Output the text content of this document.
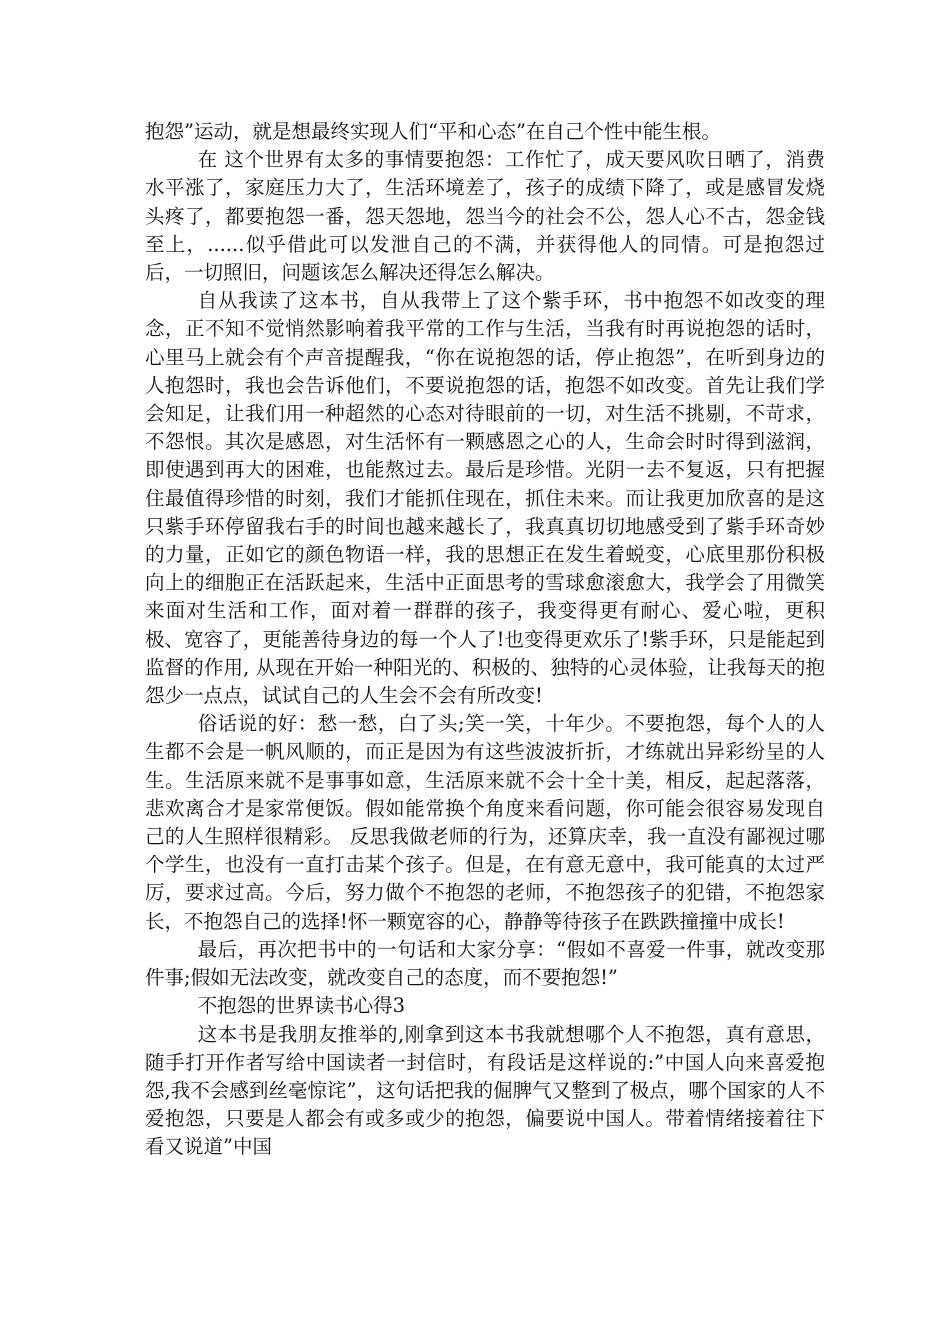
抱怨”运动，就是想最终实现人们“平和心态”在自己个性中能生根。

在 这个世界有太多的事情要抱怨：工作忙了，成天要风吹日晒了，消费水平涨了，家庭压力大了，生活环境差了，孩子的成绩下降了，或是感冒发烧头疼了，都要抱怨一番，怨天怨地，怨当今的社会不公，怨人心不古，怨金钱至上，......似乎借此可以发泄自己的不满，并获得他人的同情。可是抱怨过后，一切照旧，问题该怎么解决还得怎么解决。

自从我读了这本书，自从我带上了这个紫手环，书中抱怨不如改变的理念，正不知不觉悄然影响着我平常的工作与生活，当我有时再说抱怨的话时，心里马上就会有个声音提醒我，“你在说抱怨的话，停止抱怨”，在听到身边的人抱怨时，我也会告诉他们，不要说抱怨的话，抱怨不如改变。首先让我们学会知足，让我们用一种超然的心态对待眼前的一切，对生活不挑剔，不苛求，不怨恨。其次是感恩，对生活怀有一颗感恩之心的人，生命会时时得到滋润，即使遇到再大的困难，也能熬过去。最后是珍惜。光阴一去不复返，只有把握住最值得珍惜的时刻，我们才能抓住现在，抓住未来。而让我更加欣喜的是这只紫手环停留我右手的时间也越来越长了，我真真切切地感受到了紫手环奇妙的力量，正如它的颜色物语一样，我的思想正在发生着蜕变，心底里那份积极向上的细胞正在活跃起来，生活中正面思考的雪球愈滚愈大，我学会了用微笑来面对生活和工作，面对着一群群的孩子，我变得更有耐心、爱心啦，更积极、宽容了，更能善待身边的每一个人了!也变得更欢乐了!紫手环，只是能起到监督的作用, 从现在开始一种阳光的、积极的、独特的心灵体验，让我每天的抱怨少一点点，试试自己的人生会不会有所改变!

俗话说的好：愁一愁，白了头;笑一笑，十年少。不要抱怨，每个人的人生都不会是一帆风顺的，而正是因为有这些波波折折，才练就出异彩纷呈的人生。生活原来就不是事事如意，生活原来就不会十全十美，相反，起起落落，悲欢离合才是家常便饭。假如能常换个角度来看问题，你可能会很容易发现自己的人生照样很精彩。 反思我做老师的行为，还算庆幸，我一直没有鄙视过哪个学生，也没有一直打击某个孩子。但是，在有意无意中，我可能真的太过严厉，要求过高。今后，努力做个不抱怨的老师，不抱怨孩子的犯错，不抱怨家长，不抱怨自己的选择!怀一颗宽容的心，静静等待孩子在跌跌撞撞中成长!

最后，再次把书中的一句话和大家分享：“假如不喜爱一件事，就改变那件事;假如无法改变，就改变自己的态度，而不要抱怨!”

不抱怨的世界读书心得3

这本书是我朋友推举的,刚拿到这本书我就想哪个人不抱怨，真有意思，随手打开作者写给中国读者一封信时，有段话是这样说的:”中国人向来喜爱抱怨,我不会感到丝毫惊诧”，这句话把我的倔脾气又整到了极点，哪个国家的人不爱抱怨，只要是人都会有或多或少的抱怨，偏要说中国人。带着情绪接着往下看又说道”中国
